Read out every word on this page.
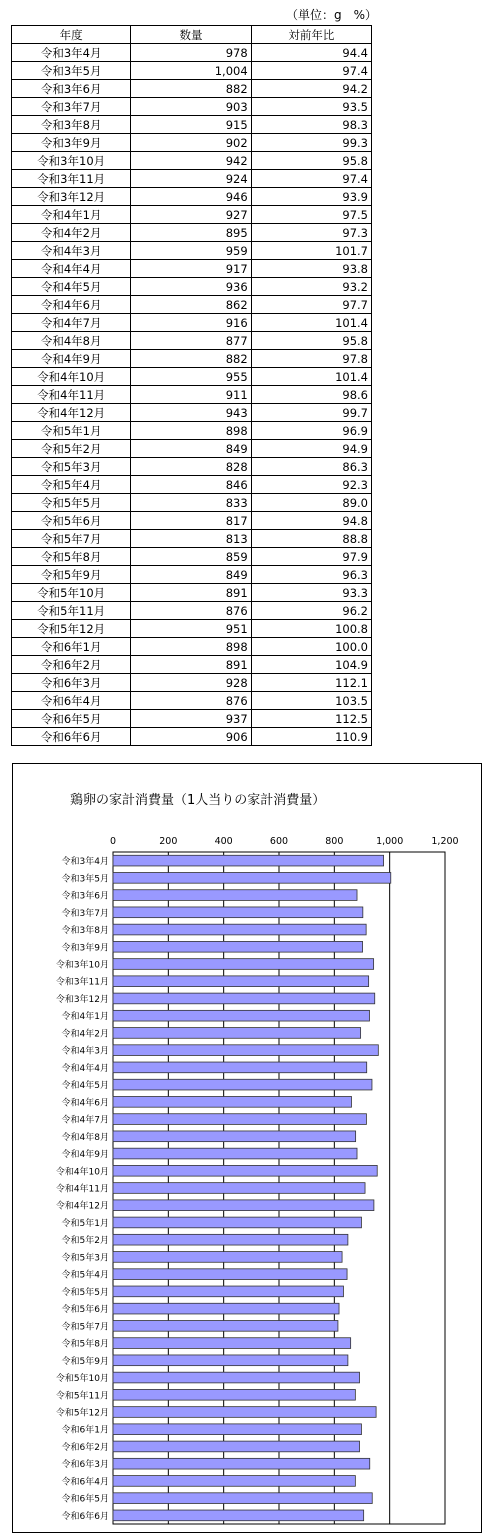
（単位：g　%）
年度	数量	対前年比
令和3年4月	978	94.4
令和3年5月	1,004	97.4
令和3年6月	882	94.2
令和3年7月	903	93.5
令和3年8月	915	98.3
令和3年9月	902	99.3
令和3年10月	942	95.8
令和3年11月	924	97.4
令和3年12月	946	93.9
令和4年1月	927	97.5
令和4年2月	895	97.3
令和4年3月	959	101.7
令和4年4月	917	93.8
令和4年5月	936	93.2
令和4年6月	862	97.7
令和4年7月	916	101.4
令和4年8月	877	95.8
令和4年9月	882	97.8
令和4年10月	955	101.4
令和4年11月	911	98.6
令和4年12月	943	99.7
令和5年1月	898	96.9
令和5年2月	849	94.9
令和5年3月	828	86.3
令和5年4月	846	92.3
令和5年5月	833	89.0
令和5年6月	817	94.8
令和5年7月	813	88.8
令和5年8月	859	97.9
令和5年9月	849	96.3
令和5年10月	891	93.3
令和5年11月	876	96.2
令和5年12月	951	100.8
令和6年1月	898	100.0
令和6年2月	891	104.9
令和6年3月	928	112.1
令和6年4月	876	103.5
令和6年5月	937	112.5
令和6年6月	906	110.9
鶏卵の家計消費量（1人当りの家計消費量）
0	200	400	600	800	1,000	1,200
令和3年4月
令和3年5月
令和3年6月
令和3年7月
令和3年8月
令和3年9月
令和3年10月
令和3年11月
令和3年12月
令和4年1月
令和4年2月
令和4年3月
令和4年4月
令和4年5月
令和4年6月
令和4年7月
令和4年8月
令和4年9月
令和4年10月
令和4年11月
令和4年12月
令和5年1月
令和5年2月
令和5年3月
令和5年4月
令和5年5月
令和5年6月
令和5年7月
令和5年8月
令和5年9月
令和5年10月
令和5年11月
令和5年12月
令和6年1月
令和6年2月
令和6年3月
令和6年4月
令和6年5月
令和6年6月
